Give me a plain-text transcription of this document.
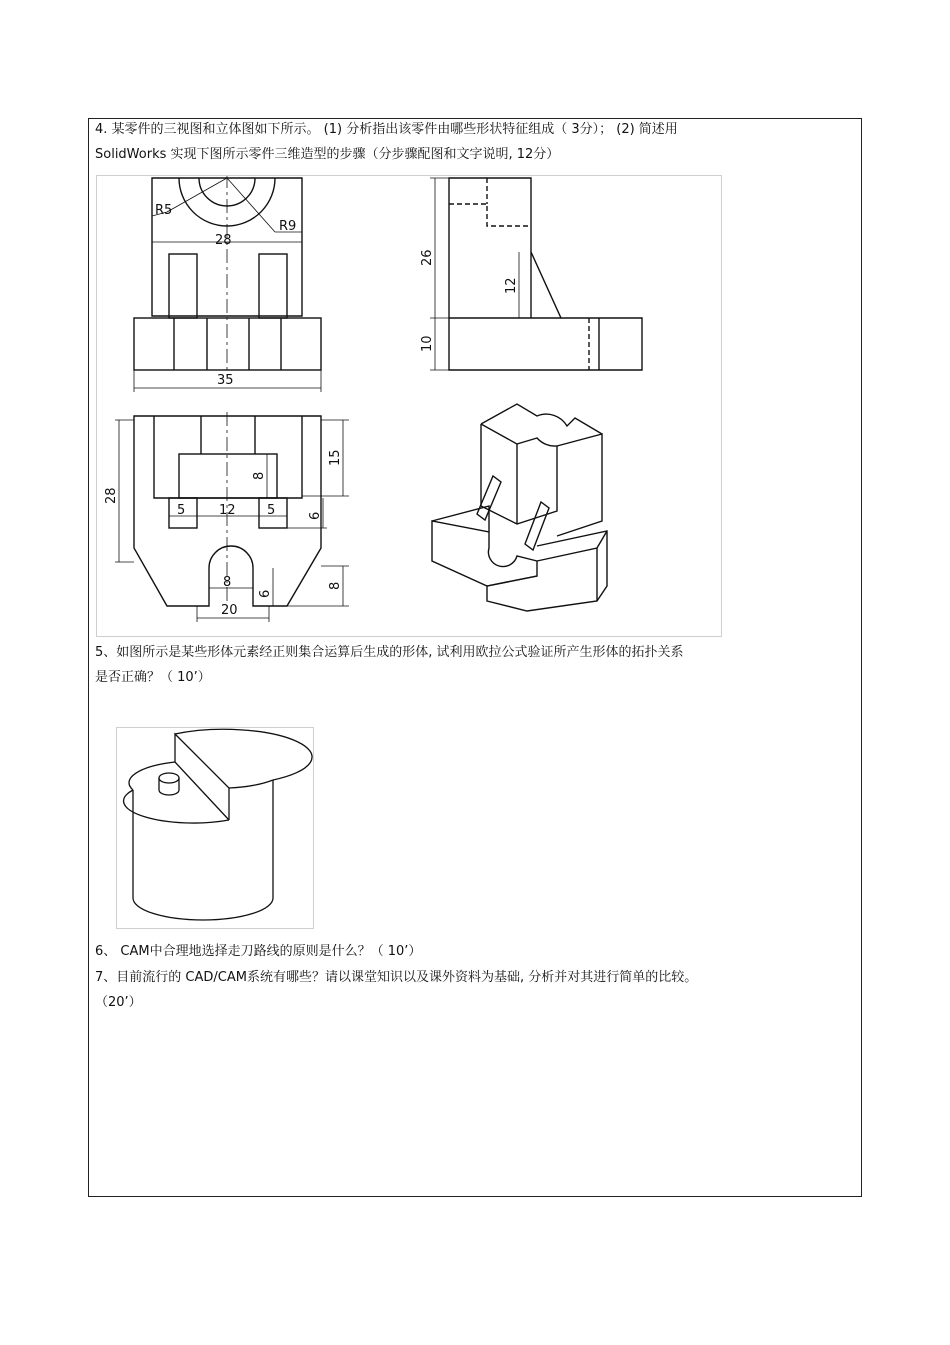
4. 某零件的三视图和立体图如下所示。 (1) 分析指出该零件由哪些形状特征组成（ 3分）； (2) 简述用
SolidWorks 实现下图所示零件三维造型的步骤（分步骤配图和文字说明, 12分）
R5
R9
28
35
26
12
10
28
15
8
5	12 5	6
8
6
20
8
5、如图所示是某些形体元素经正则集合运算后生成的形体, 试利用欧拉公式验证所产生形体的拓扑关系
是否正确？（ 10’）
6、 CAM中合理地选择走刀路线的原则是什么？（ 10’）
7、目前流行的 CAD/CAM系统有哪些？请以课堂知识以及课外资料为基础, 分析并对其进行简单的比较。
（20’）
